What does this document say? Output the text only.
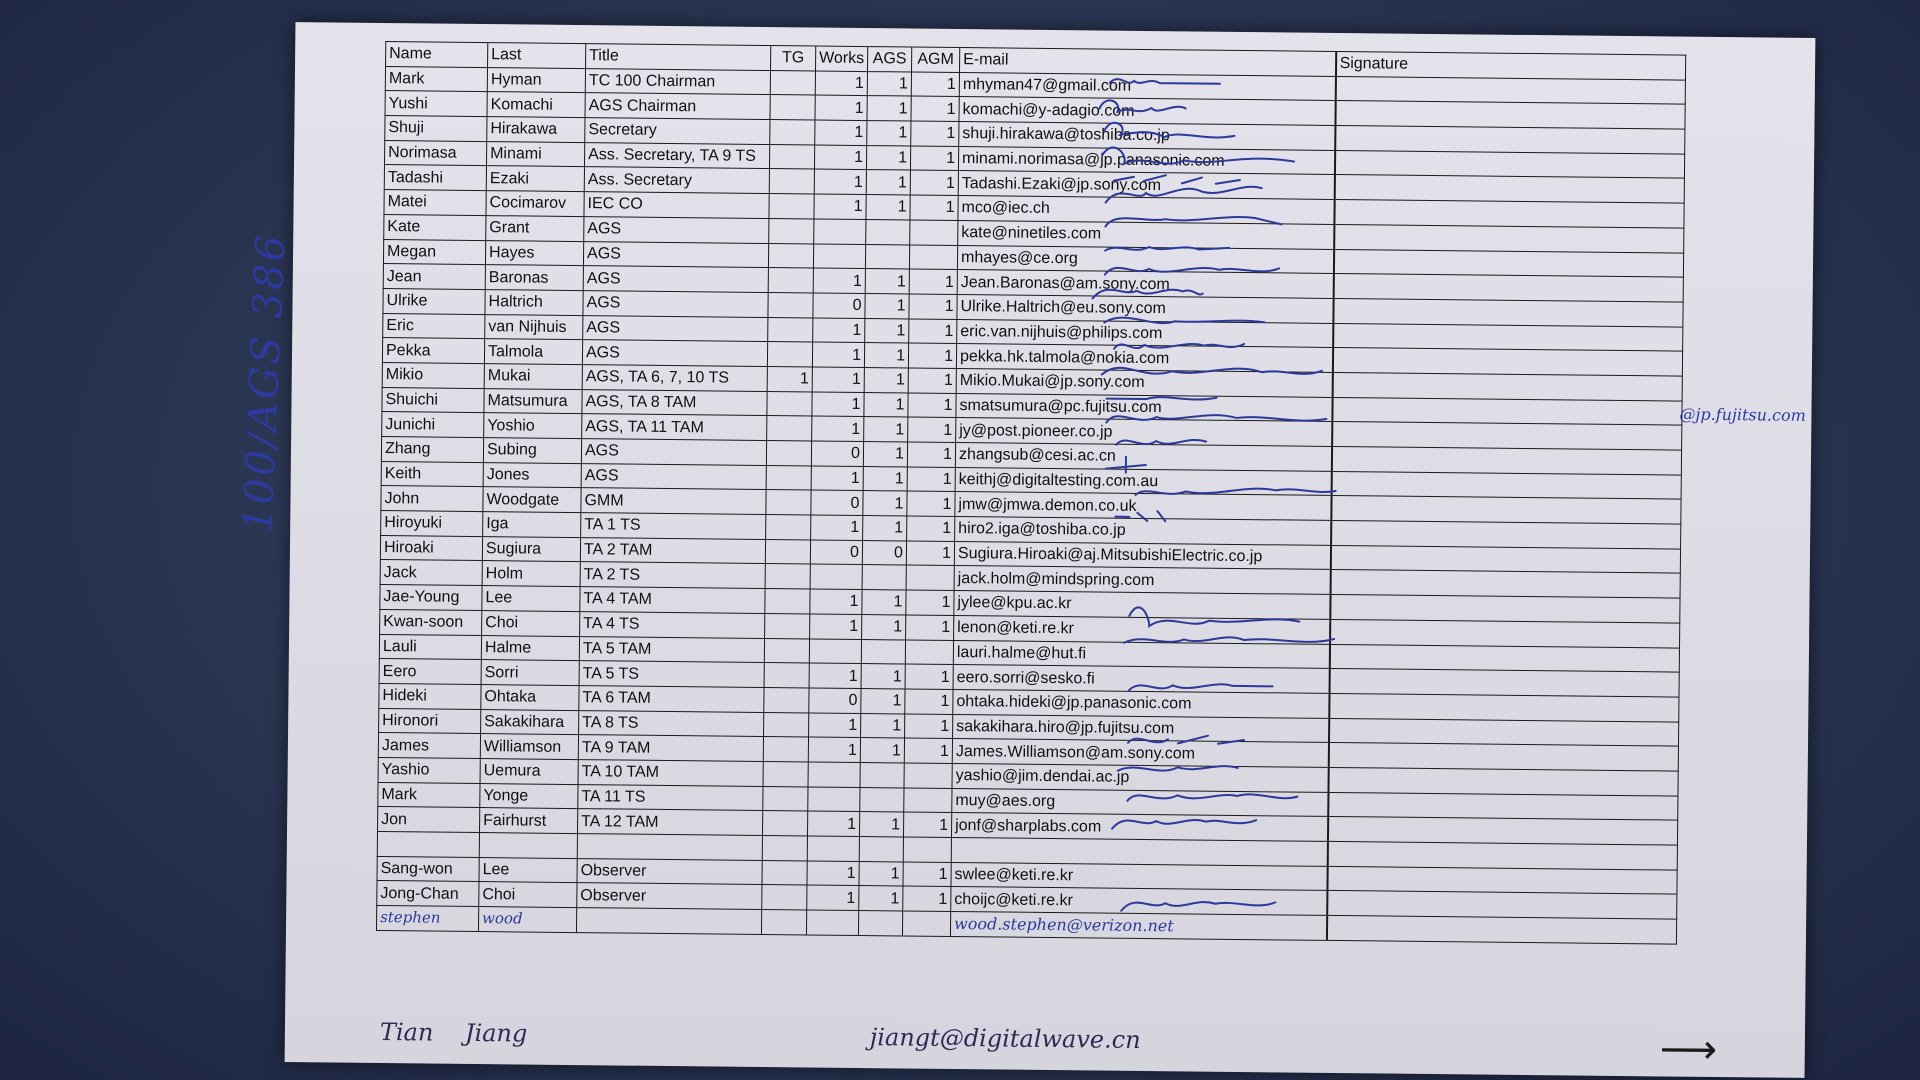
100/AGS 386
Name	Last	Title	TG	Works	AGS	AGM	E-mail	Signature
Mark	Hyman	TC 100 Chairman		1	1	1	mhyman47@gmail.com	
Yushi	Komachi	AGS Chairman		1	1	1	komachi@y-adagio.com	
Shuji	Hirakawa	Secretary		1	1	1	shuji.hirakawa@toshiba.co.jp	
Norimasa	Minami	Ass. Secretary, TA 9 TS		1	1	1	minami.norimasa@jp.panasonic.com	
Tadashi	Ezaki	Ass. Secretary		1	1	1	Tadashi.Ezaki@jp.sony.com	
Matei	Cocimarov	IEC CO		1	1	1	mco@iec.ch	
Kate	Grant	AGS					kate@ninetiles.com	
Megan	Hayes	AGS					mhayes@ce.org	
Jean	Baronas	AGS		1	1	1	Jean.Baronas@am.sony.com	
Ulrike	Haltrich	AGS		0	1	1	Ulrike.Haltrich@eu.sony.com	
Eric	van Nijhuis	AGS		1	1	1	eric.van.nijhuis@philips.com	
Pekka	Talmola	AGS		1	1	1	pekka.hk.talmola@nokia.com	
Mikio	Mukai	AGS, TA 6, 7, 10 TS	1	1	1	1	Mikio.Mukai@jp.sony.com	
Shuichi	Matsumura	AGS, TA 8 TAM		1	1	1	smatsumura@pc.fujitsu.com	
Junichi	Yoshio	AGS, TA 11 TAM		1	1	1	jy@post.pioneer.co.jp	
Zhang	Subing	AGS		0	1	1	zhangsub@cesi.ac.cn	
Keith	Jones	AGS		1	1	1	keithj@digitaltesting.com.au	
John	Woodgate	GMM		0	1	1	jmw@jmwa.demon.co.uk	
Hiroyuki	Iga	TA 1 TS		1	1	1	hiro2.iga@toshiba.co.jp	
Hiroaki	Sugiura	TA 2 TAM		0	0	1	Sugiura.Hiroaki@aj.MitsubishiElectric.co.jp	
Jack	Holm	TA 2 TS					jack.holm@mindspring.com	
Jae-Young	Lee	TA 4 TAM		1	1	1	jylee@kpu.ac.kr	
Kwan-soon	Choi	TA 4 TS		1	1	1	lenon@keti.re.kr	
Lauli	Halme	TA 5 TAM					lauri.halme@hut.fi	
Eero	Sorri	TA 5 TS		1	1	1	eero.sorri@sesko.fi	
Hideki	Ohtaka	TA 6 TAM		0	1	1	ohtaka.hideki@jp.panasonic.com	
Hironori	Sakakihara	TA 8 TS		1	1	1	sakakihara.hiro@jp.fujitsu.com	
James	Williamson	TA 9 TAM		1	1	1	James.Williamson@am.sony.com	
Yashio	Uemura	TA 10 TAM					yashio@jim.dendai.ac.jp	
Mark	Yonge	TA 11 TS					muy@aes.org	
Jon	Fairhurst	TA 12 TAM		1	1	1	jonf@sharplabs.com	

Sang-won	Lee	Observer		1	1	1	swlee@keti.re.kr	
Jong-Chan	Choi	Observer		1	1	1	choijc@keti.re.kr	
stephen	wood						wood.stephen@verizon.net	
@jp.fujitsu.com
Tian Jiang	jiangt@digitalwave.cn	⟶
